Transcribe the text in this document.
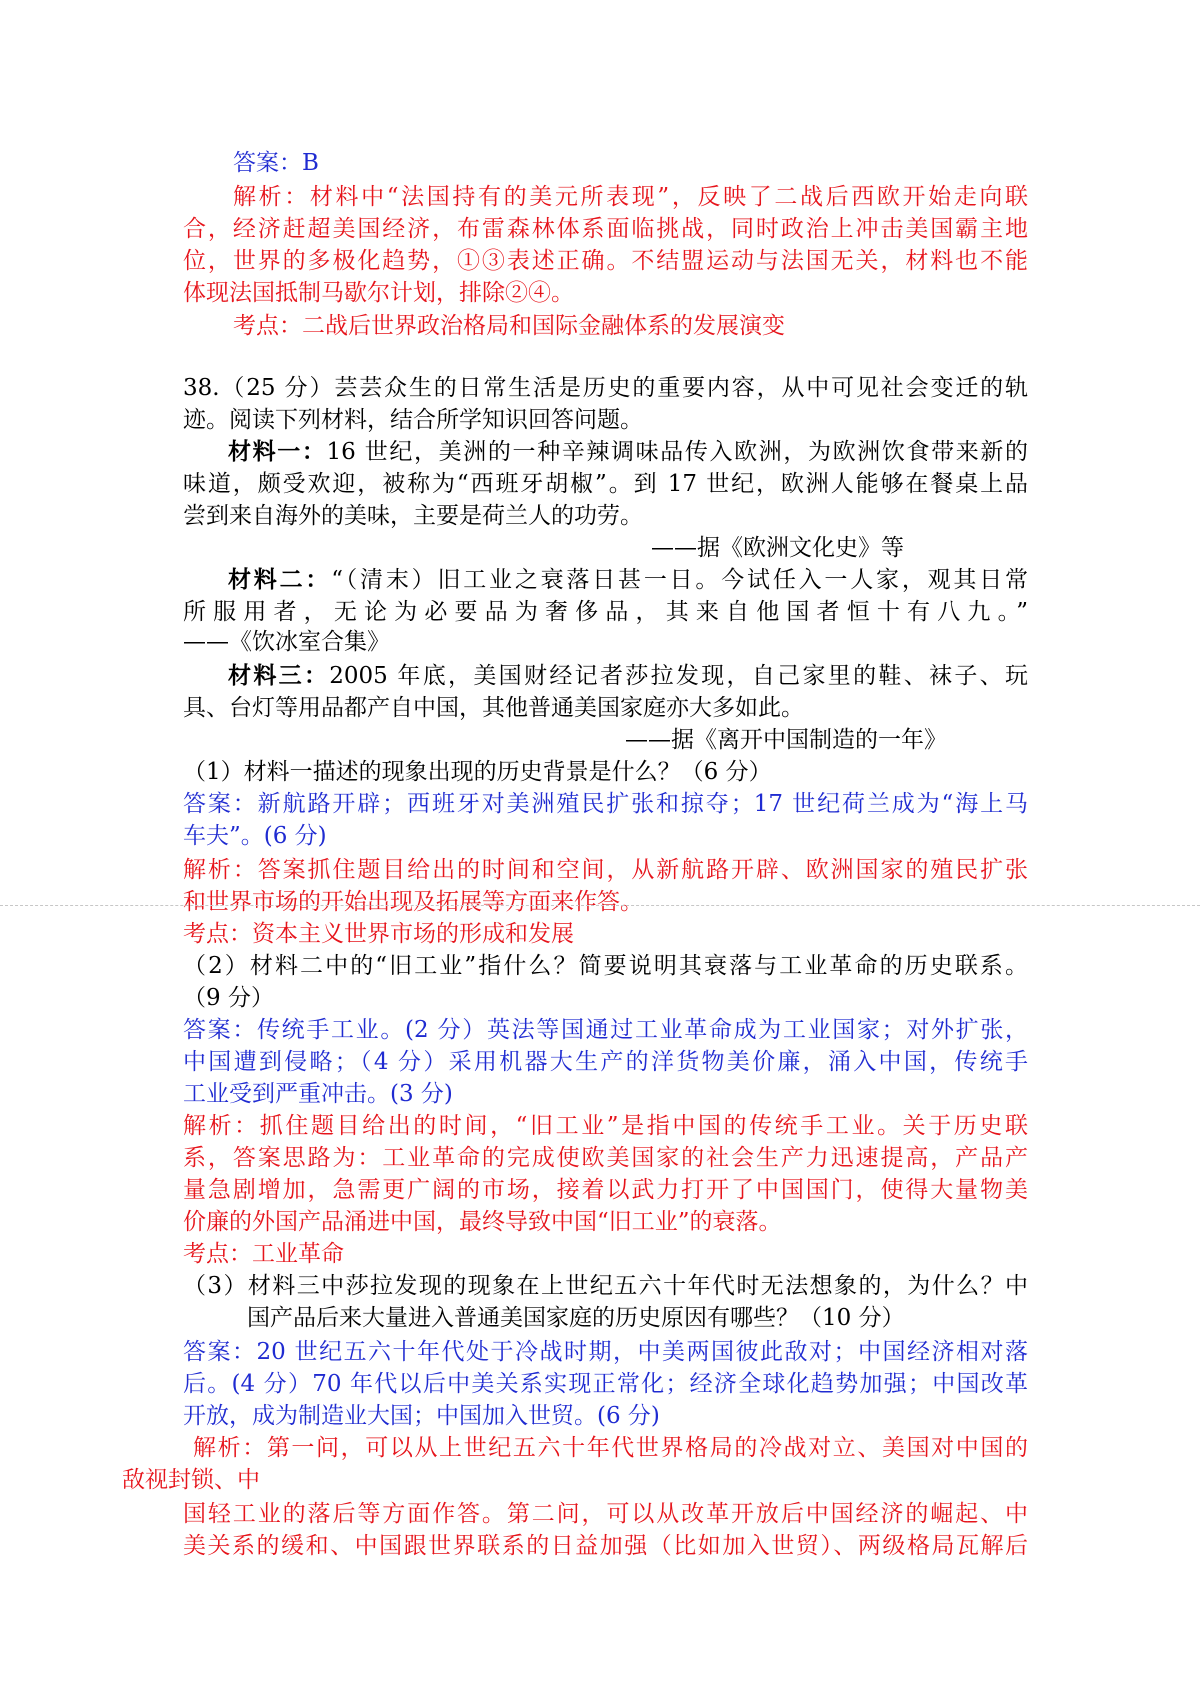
答案：B
解析：材料中“法国持有的美元所表现”，反映了二战后西欧开始走向联
合，经济赶超美国经济，布雷森林体系面临挑战，同时政治上冲击美国霸主地
位，世界的多极化趋势，①③表述正确。不结盟运动与法国无关，材料也不能
体现法国抵制马歇尔计划，排除②④。
考点：二战后世界政治格局和国际金融体系的发展演变
38.（25 分）芸芸众生的日常生活是历史的重要内容，从中可见社会变迁的轨
迹。阅读下列材料，结合所学知识回答问题。
材料一：16 世纪，美洲的一种辛辣调味品传入欧洲，为欧洲饮食带来新的
味道，颇受欢迎，被称为“西班牙胡椒”。到 17 世纪，欧洲人能够在餐桌上品
尝到来自海外的美味，主要是荷兰人的功劳。
——据《欧洲文化史》等
材料二：“（清末）旧工业之衰落日甚一日。今试任入一人家，观其日常
所服用者，无论为必要品为奢侈品，其来自他国者恒十有八九。”
——《饮冰室合集》
材料三：2005 年底，美国财经记者莎拉发现，自己家里的鞋、袜子、玩
具、台灯等用品都产自中国，其他普通美国家庭亦大多如此。
——据《离开中国制造的一年》
（1）材料一描述的现象出现的历史背景是什么？（6 分）
答案：新航路开辟；西班牙对美洲殖民扩张和掠夺；17 世纪荷兰成为“海上马
车夫”。(6 分)
解析：答案抓住题目给出的时间和空间，从新航路开辟、欧洲国家的殖民扩张
和世界市场的开始出现及拓展等方面来作答。
考点：资本主义世界市场的形成和发展
（2）材料二中的“旧工业”指什么？简要说明其衰落与工业革命的历史联系。
（9 分）
答案：传统手工业。(2 分）英法等国通过工业革命成为工业国家；对外扩张，
中国遭到侵略；（4 分）采用机器大生产的洋货物美价廉，涌入中国，传统手
工业受到严重冲击。(3 分)
解析：抓住题目给出的时间，“旧工业”是指中国的传统手工业。关于历史联
系，答案思路为：工业革命的完成使欧美国家的社会生产力迅速提高，产品产
量急剧增加，急需更广阔的市场，接着以武力打开了中国国门，使得大量物美
价廉的外国产品涌进中国，最终导致中国“旧工业”的衰落。
考点：工业革命
（3）材料三中莎拉发现的现象在上世纪五六十年代时无法想象的，为什么？中
国产品后来大量进入普通美国家庭的历史原因有哪些？（10 分）
答案：20 世纪五六十年代处于冷战时期，中美两国彼此敌对；中国经济相对落
后。(4 分）70 年代以后中美关系实现正常化；经济全球化趋势加强；中国改革
开放，成为制造业大国；中国加入世贸。(6 分)
解析：第一问，可以从上世纪五六十年代世界格局的冷战对立、美国对中国的
敌视封锁、中
国轻工业的落后等方面作答。第二问，可以从改革开放后中国经济的崛起、中
美关系的缓和、中国跟世界联系的日益加强（比如加入世贸）、两级格局瓦解后
